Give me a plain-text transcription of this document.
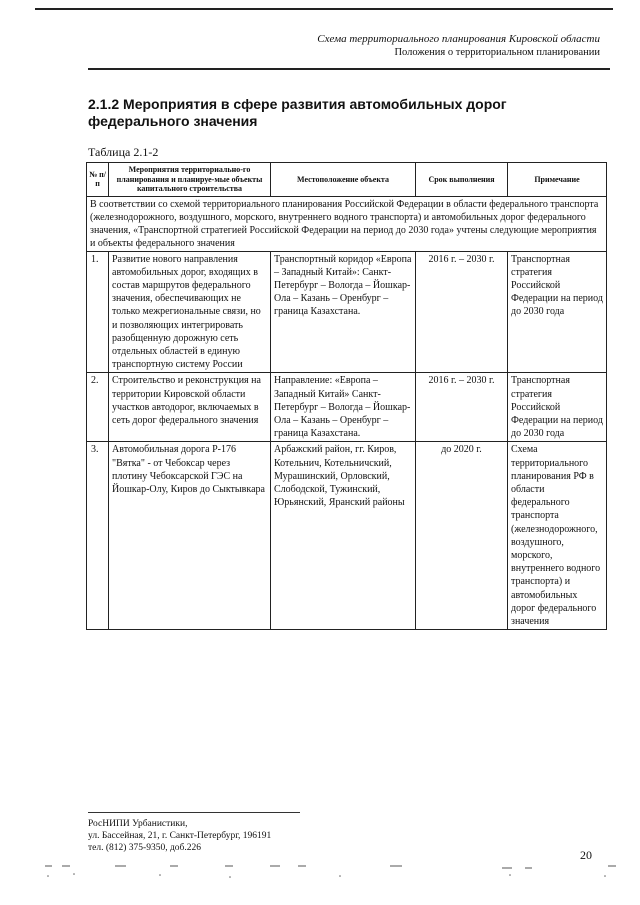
Схема территориального планирования Кировской области
Положения о территориальном планировании
2.1.2 Мероприятия в сфере развития автомобильных дорог федерального значения
Таблица 2.1-2
№ п/п	Мероприятия территориально-го планирования и планируе-мые объекты капитального строительства	Местоположение объекта	Срок выполнения	Примечание
В соответствии со схемой территориального планирования Российской Федерации в области федерального транспорта (железнодорожного, воздушного, морского, внутреннего водного транспорта) и автомобильных дорог федерального значения, «Транспортной стратегией Российской Федерации на период до 2030 года» учтены следующие мероприятия и объекты федерального значения				
1.	Развитие нового направления автомобильных дорог, входящих в состав маршрутов федерального значения, обеспечивающих не только межрегиональные связи, но и позволяющих интегрировать разобщенную дорожную сеть отдельных областей в единую транспортную систему России	Транспортный коридор «Европа – Западный Китай»: Санкт-Петербург – Вологда – Йошкар-Ола – Казань – Оренбург – граница Казахстана.	2016 г. – 2030 г.	Транспортная стратегия Российской Федерации на период до 2030 года
2.	Строительство и реконструкция на территории Кировской области участков автодорог, включаемых в сеть дорог федерального значения	Направление: «Европа – Западный Китай» Санкт-Петербург – Вологда – Йошкар-Ола – Казань – Оренбург – граница Казахстана.	2016 г. – 2030 г.	Транспортная стратегия Российской Федерации на период до 2030 года
3.	Автомобильная дорога Р-176 "Вятка" - от Чебоксар через плотину Чебоксарской ГЭС на Йошкар-Олу, Киров до Сыктывкара	Арбажский район, гг. Киров, Котельнич, Котельничский, Мурашинский, Орловский, Слободской, Тужинский, Юрьянский, Яранский районы	до 2020 г.	Схема территориального планирования РФ в области федерального транспорта (железнодорожного, воздушного, морского, внутреннего водного транспорта) и автомобильных дорог федерального значения
РосНИПИ Урбанистики,
ул. Бассейная, 21, г. Санкт-Петербург, 196191
тел. (812) 375-9350, доб.226	20
